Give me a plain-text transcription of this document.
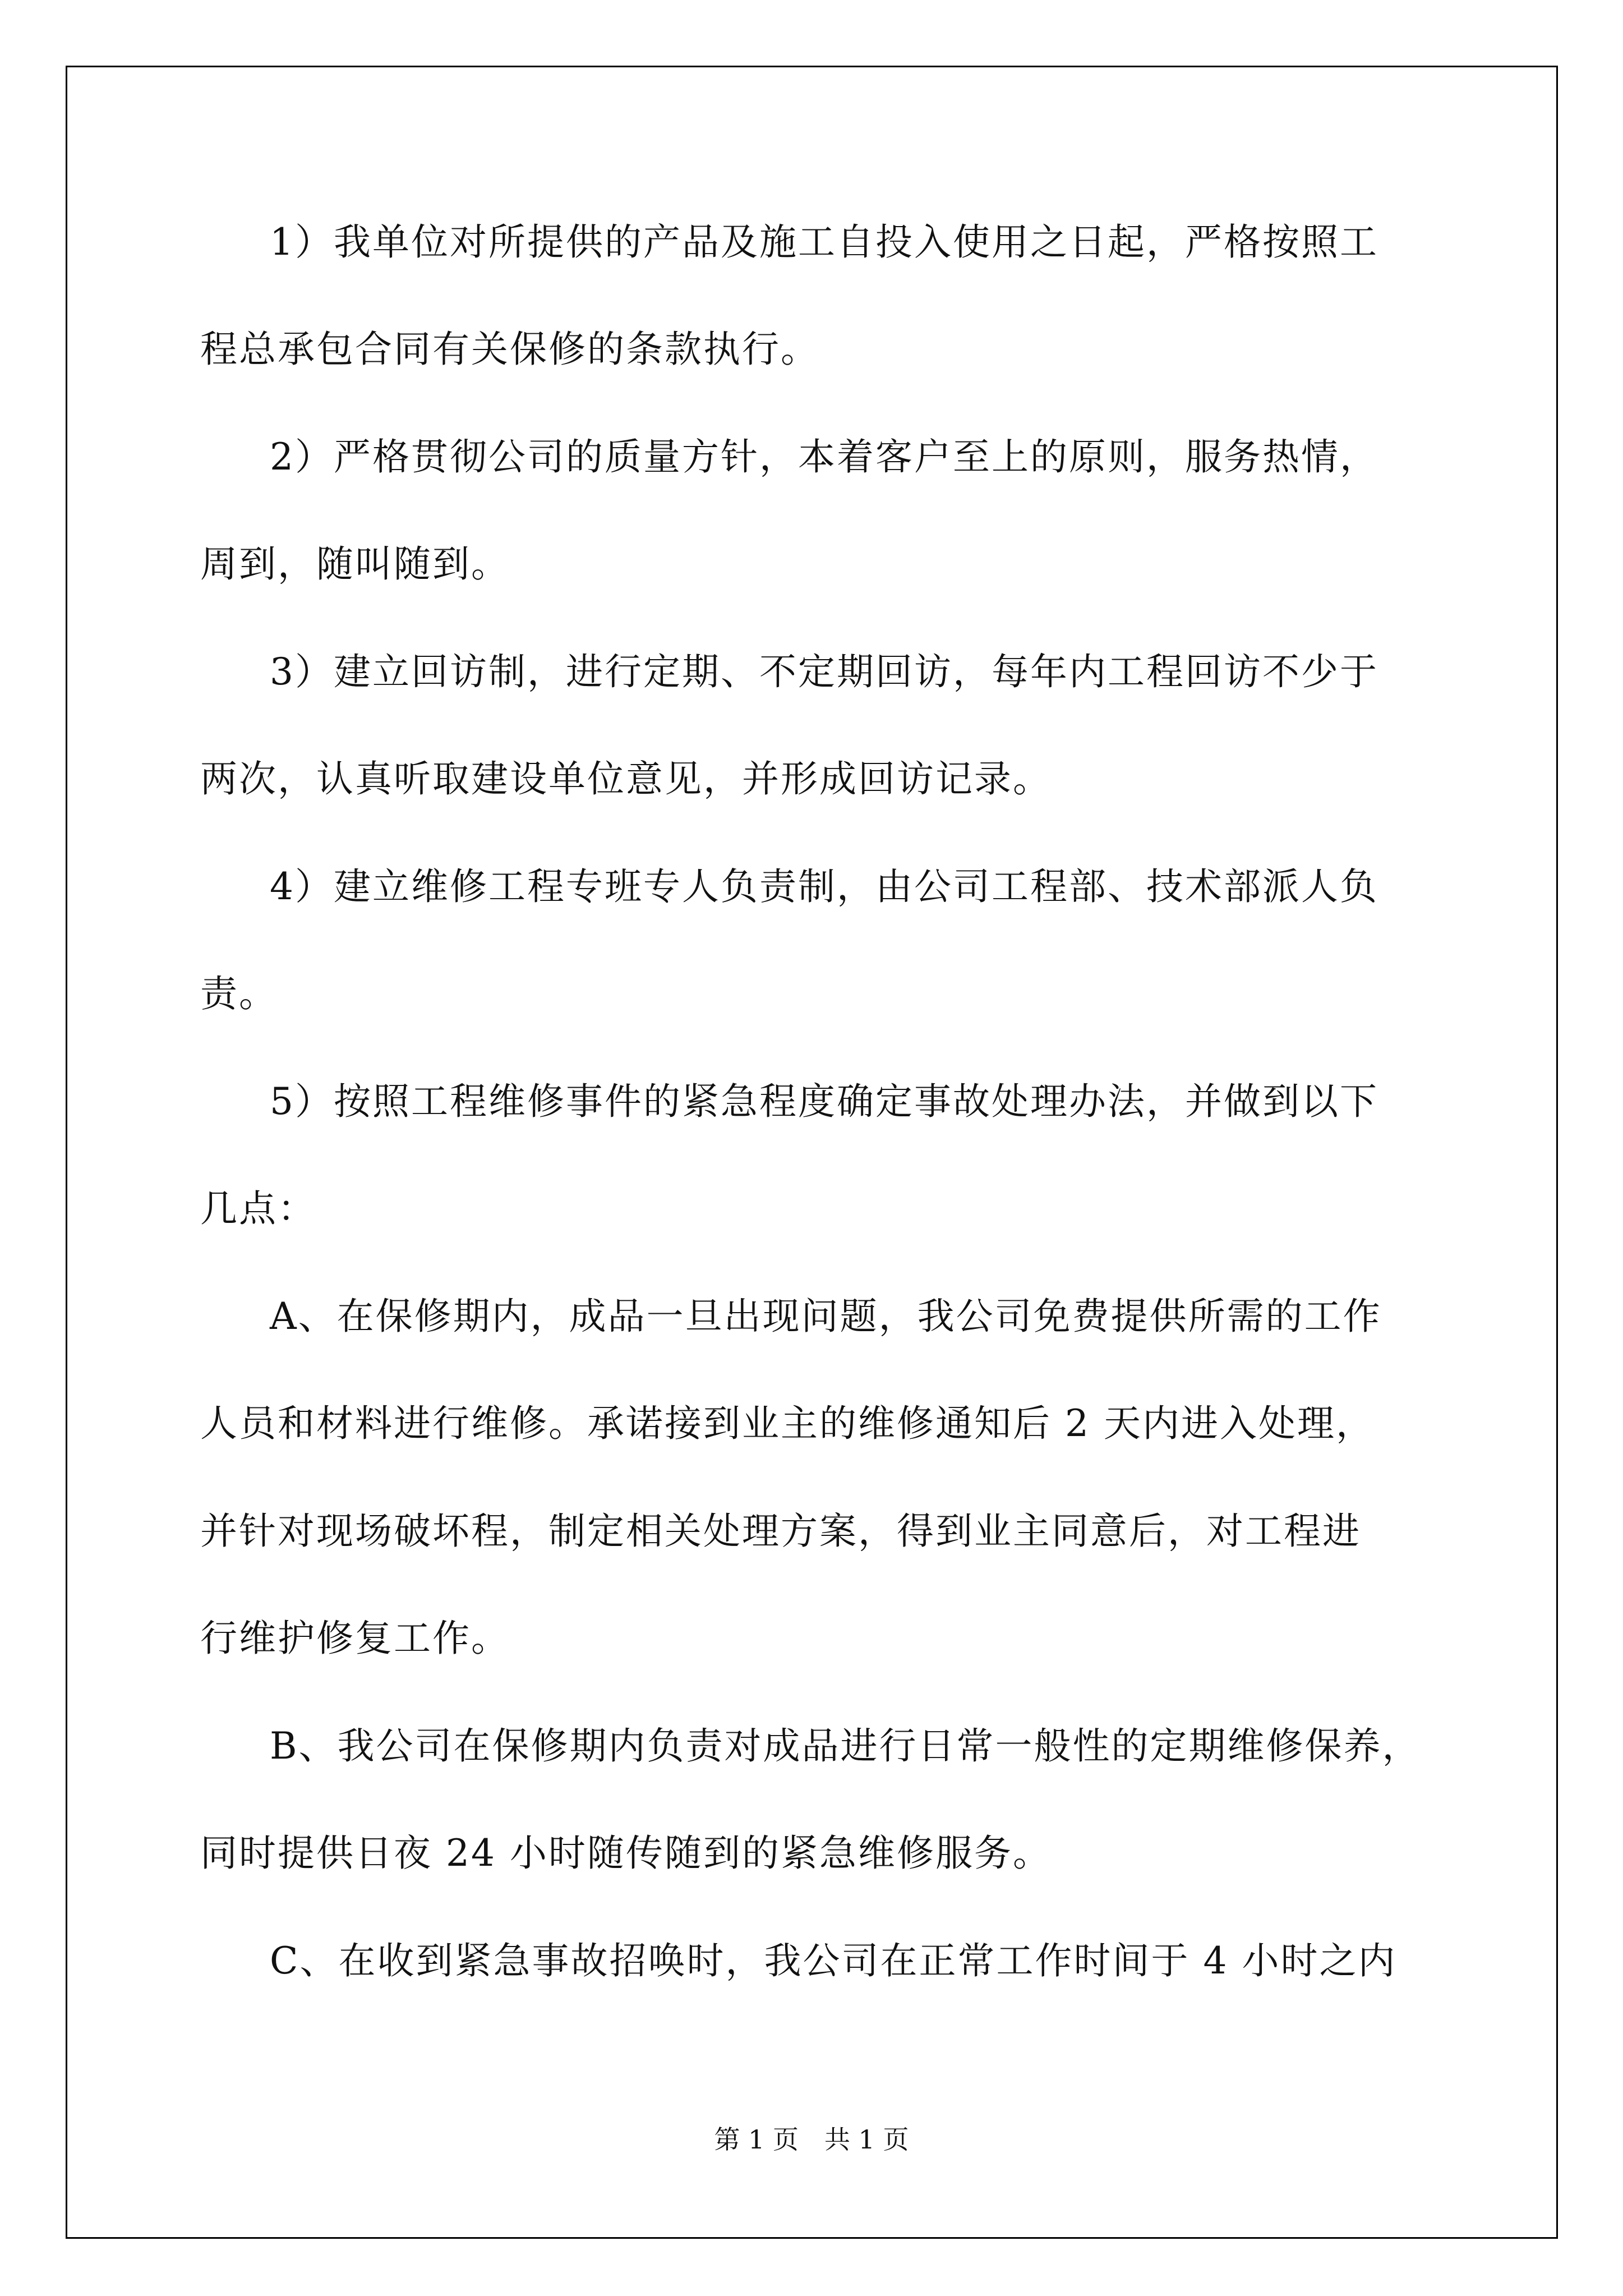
1）我单位对所提供的产品及施工自投入使用之日起，严格按照工
程总承包合同有关保修的条款执行。
2）严格贯彻公司的质量方针，本着客户至上的原则，服务热情，
周到，随叫随到。
3）建立回访制，进行定期、不定期回访，每年内工程回访不少于
两次，认真听取建设单位意见，并形成回访记录。
4）建立维修工程专班专人负责制，由公司工程部、技术部派人负
责。
5）按照工程维修事件的紧急程度确定事故处理办法，并做到以下
几点：
A、在保修期内，成品一旦出现问题，我公司免费提供所需的工作
人员和材料进行维修。承诺接到业主的维修通知后 2 天内进入处理，
并针对现场破坏程，制定相关处理方案，得到业主同意后，对工程进
行维护修复工作。
B、我公司在保修期内负责对成品进行日常一般性的定期维修保养，
同时提供日夜 24 小时随传随到的紧急维修服务。
C、在收到紧急事故招唤时，我公司在正常工作时间于 4 小时之内
第 1 页　共 1 页
